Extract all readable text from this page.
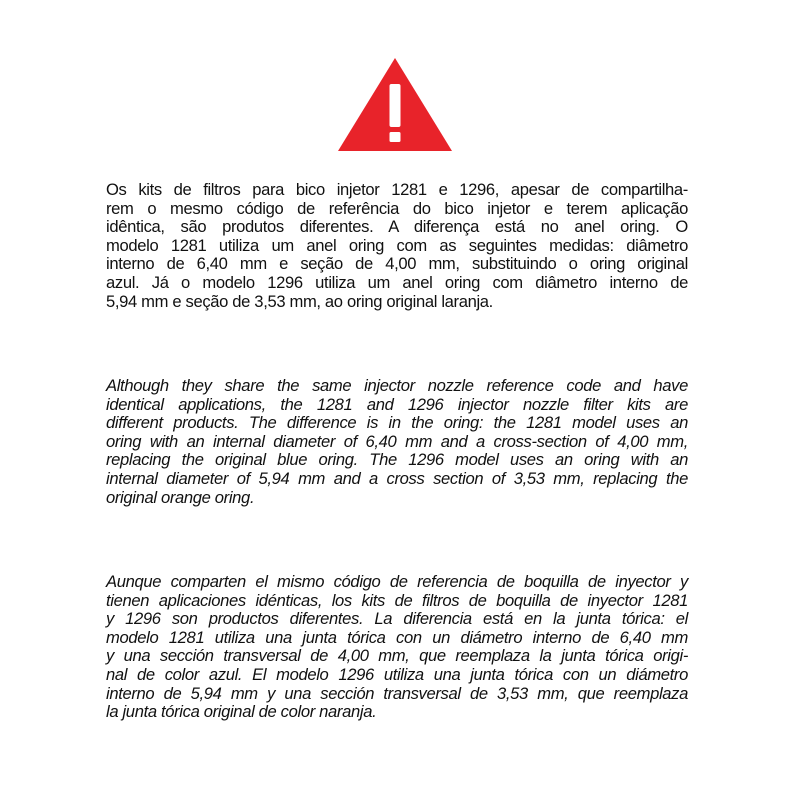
Os kits de filtros para bico injetor 1281 e 1296, apesar de compartilha-
rem o mesmo código de referência do bico injetor e terem aplicação
idêntica, são produtos diferentes. A diferença está no anel oring. O
modelo 1281 utiliza um anel oring com as seguintes medidas: diâmetro
interno de 6,40 mm e seção de 4,00 mm, substituindo o oring original
azul. Já o modelo 1296 utiliza um anel oring com diâmetro interno de
5,94 mm e seção de 3,53 mm, ao oring original laranja.
Although they share the same injector nozzle reference code and have
identical applications, the 1281 and 1296 injector nozzle filter kits are
different products. The difference is in the oring: the 1281 model uses an
oring with an internal diameter of 6,40 mm and a cross-section of 4,00 mm,
replacing the original blue oring. The 1296 model uses an oring with an
internal diameter of 5,94 mm and a cross section of 3,53 mm, replacing the
original orange oring.
Aunque comparten el mismo código de referencia de boquilla de inyector y
tienen aplicaciones idénticas, los kits de filtros de boquilla de inyector 1281
y 1296 son productos diferentes. La diferencia está en la junta tórica: el
modelo 1281 utiliza una junta tórica con un diámetro interno de 6,40 mm
y una sección transversal de 4,00 mm, que reemplaza la junta tórica origi-
nal de color azul. El modelo 1296 utiliza una junta tórica con un diámetro
interno de 5,94 mm y una sección transversal de 3,53 mm, que reemplaza
la junta tórica original de color naranja.
